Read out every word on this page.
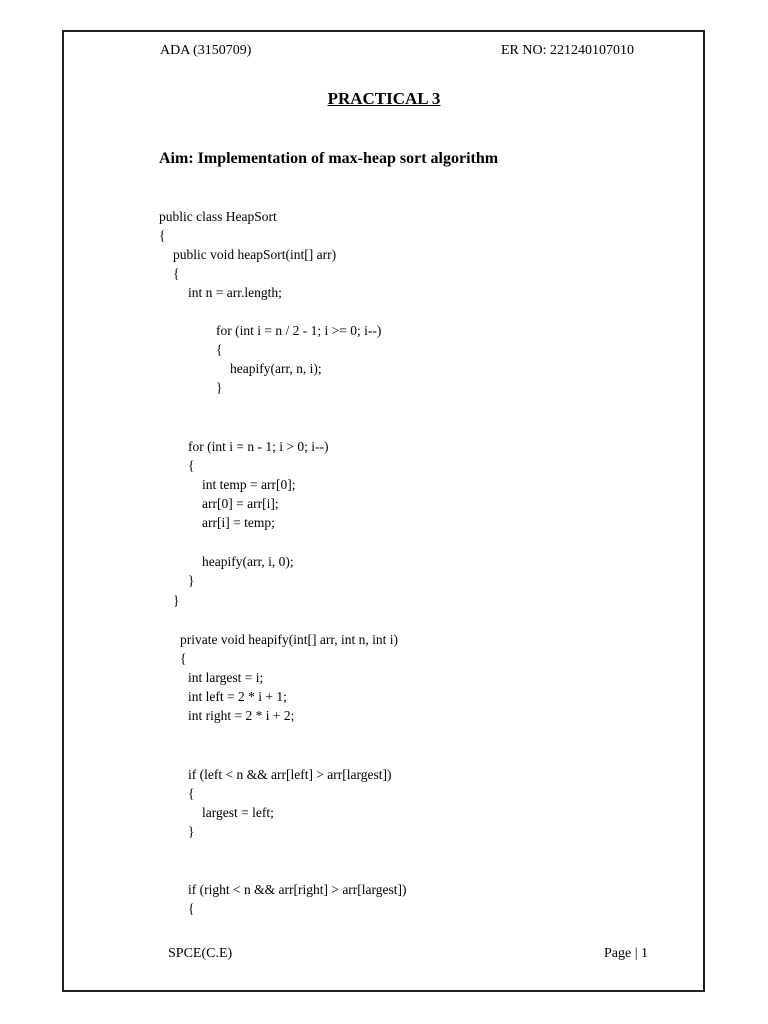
ADA (3150709)	ER NO: 221240107010
PRACTICAL 3
Aim: Implementation of max-heap sort algorithm
public class HeapSort
{
public void heapSort(int[] arr)
{
int n = arr.length;
for (int i = n / 2 - 1; i >= 0; i--)
{
heapify(arr, n, i);
}
for (int i = n - 1; i > 0; i--)
{
int temp = arr[0];
arr[0] = arr[i];
arr[i] = temp;
heapify(arr, i, 0);
}
}
private void heapify(int[] arr, int n, int i)
{
int largest = i;
int left = 2 * i + 1;
int right = 2 * i + 2;
if (left < n && arr[left] > arr[largest])
{
largest = left;
}
if (right < n && arr[right] > arr[largest])
{
SPCE(C.E)	Page | 1
